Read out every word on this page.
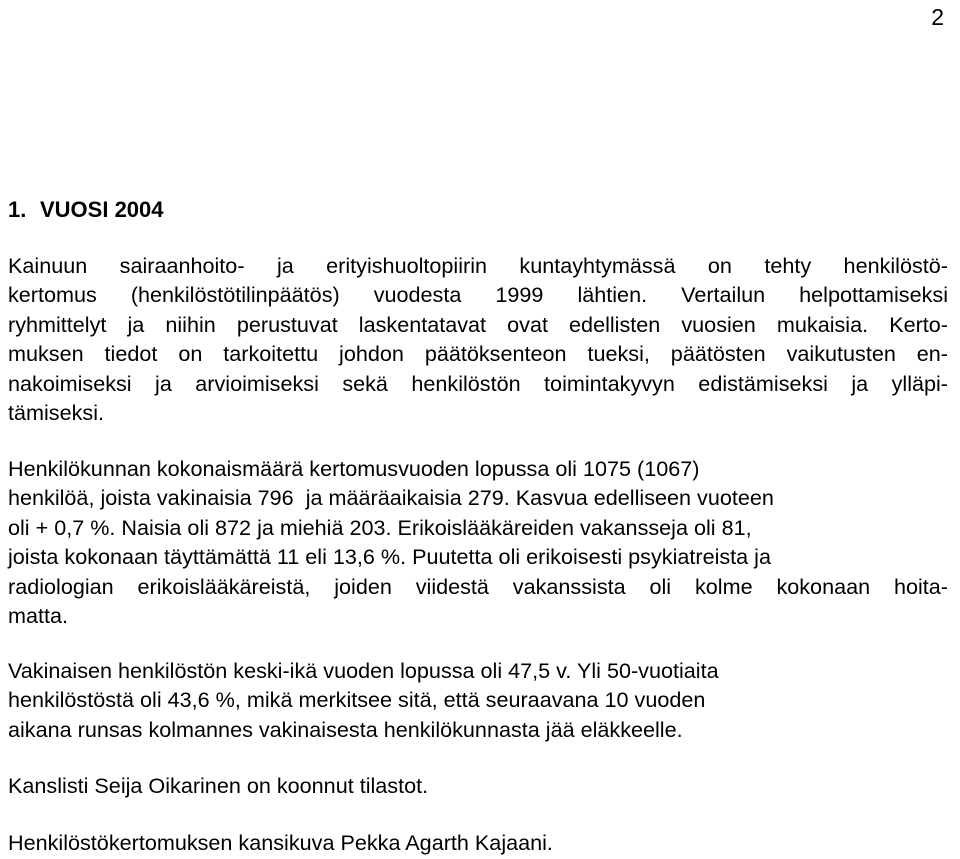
2
1. VUOSI 2004
Kainuun sairaanhoito- ja erityishuoltopiirin kuntayhtymässä on tehty henkilöstö-
kertomus (henkilöstötilinpäätös) vuodesta 1999 lähtien. Vertailun helpottamiseksi
ryhmittelyt ja niihin perustuvat laskentatavat ovat edellisten vuosien mukaisia. Kerto-
muksen tiedot on tarkoitettu johdon päätöksenteon tueksi, päätösten vaikutusten en-
nakoimiseksi ja arvioimiseksi sekä henkilöstön toimintakyvyn edistämiseksi ja ylläpi-
tämiseksi.
Henkilökunnan kokonaismäärä kertomusvuoden lopussa oli 1075 (1067)
henkilöä, joista vakinaisia 796  ja määräaikaisia 279. Kasvua edelliseen vuoteen
oli + 0,7 %. Naisia oli 872 ja miehiä 203. Erikoislääkäreiden vakansseja oli 81,
joista kokonaan täyttämättä 11 eli 13,6 %. Puutetta oli erikoisesti psykiatreista ja
radiologian erikoislääkäreistä, joiden viidestä vakanssista oli kolme kokonaan hoita-
matta.
Vakinaisen henkilöstön keski-ikä vuoden lopussa oli 47,5 v. Yli 50-vuotiaita
henkilöstöstä oli 43,6 %, mikä merkitsee sitä, että seuraavana 10 vuoden
aikana runsas kolmannes vakinaisesta henkilökunnasta jää eläkkeelle.
Kanslisti Seija Oikarinen on koonnut tilastot.
Henkilöstökertomuksen kansikuva Pekka Agarth Kajaani.
